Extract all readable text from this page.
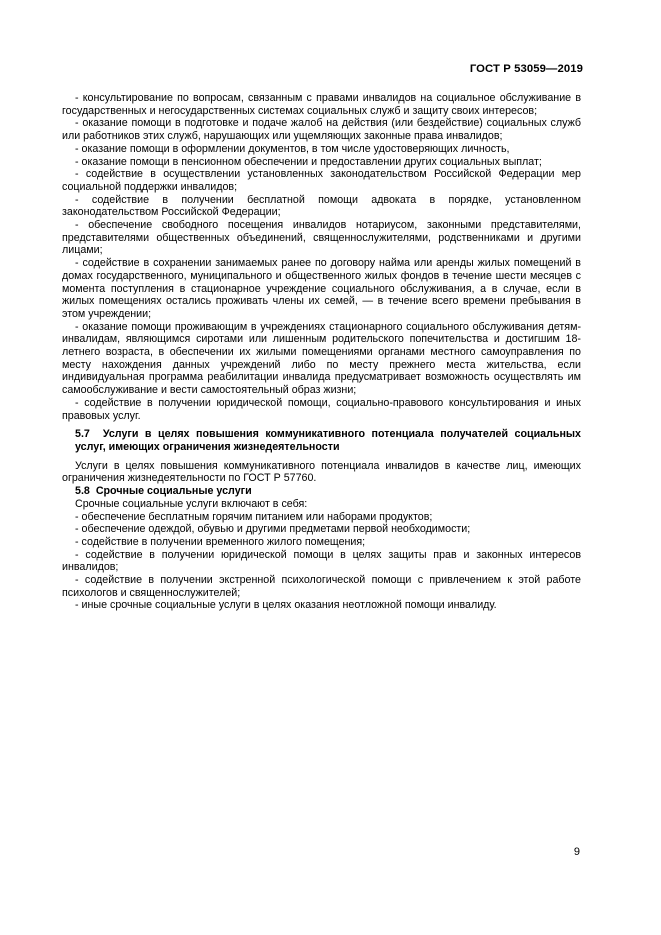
ГОСТ Р 53059—2019

- консультирование по вопросам, связанным с правами инвалидов на социальное обслуживание в государственных и негосударственных системах социальных служб и защиту своих интересов;

- оказание помощи в подготовке и подаче жалоб на действия (или бездействие) социальных служб или работников этих служб, нарушающих или ущемляющих законные права инвалидов;

- оказание помощи в оформлении документов, в том числе удостоверяющих личность,

- оказание помощи в пенсионном обеспечении и предоставлении других социальных выплат;

- содействие в осуществлении установленных законодательством Российской Федерации мер социальной поддержки инвалидов;

- содействие в получении бесплатной помощи адвоката в порядке, установленном законодательством Российской Федерации;

- обеспечение свободного посещения инвалидов нотариусом, законными представителями, представителями общественных объединений, священнослужителями, родственниками и другими лицами;

- содействие в сохранении занимаемых ранее по договору найма или аренды жилых помещений в домах государственного, муниципального и общественного жилых фондов в течение шести месяцев с момента поступления в стационарное учреждение социального обслуживания, а в случае, если в жилых помещениях остались проживать члены их семей, — в течение всего времени пребывания в этом учреждении;

- оказание помощи проживающим в учреждениях стационарного социального обслуживания детям-инвалидам, являющимся сиротами или лишенным родительского попечительства и достигшим 18-летнего возраста, в обеспечении их жилыми помещениями органами местного самоуправления по месту нахождения данных учреждений либо по месту прежнего места жительства, если индивидуальная программа реабилитации инвалида предусматривает возможность осуществлять им самообслуживание и вести самостоятельный образ жизни;

- содействие в получении юридической помощи, социально-правового консультирования и иных правовых услуг.

5.7 Услуги в целях повышения коммуникативного потенциала получателей социальных услуг, имеющих ограничения жизнедеятельности

Услуги в целях повышения коммуникативного потенциала инвалидов в качестве лиц, имеющих ограничения жизнедеятельности по ГОСТ Р 57760.

5.8 Срочные социальные услуги

Срочные социальные услуги включают в себя:

- обеспечение бесплатным горячим питанием или наборами продуктов;

- обеспечение одеждой, обувью и другими предметами первой необходимости;

- содействие в получении временного жилого помещения;

- содействие в получении юридической помощи в целях защиты прав и законных интересов инвалидов;

- содействие в получении экстренной психологической помощи с привлечением к этой работе психологов и священнослужителей;

- иные срочные социальные услуги в целях оказания неотложной помощи инвалиду.

9
